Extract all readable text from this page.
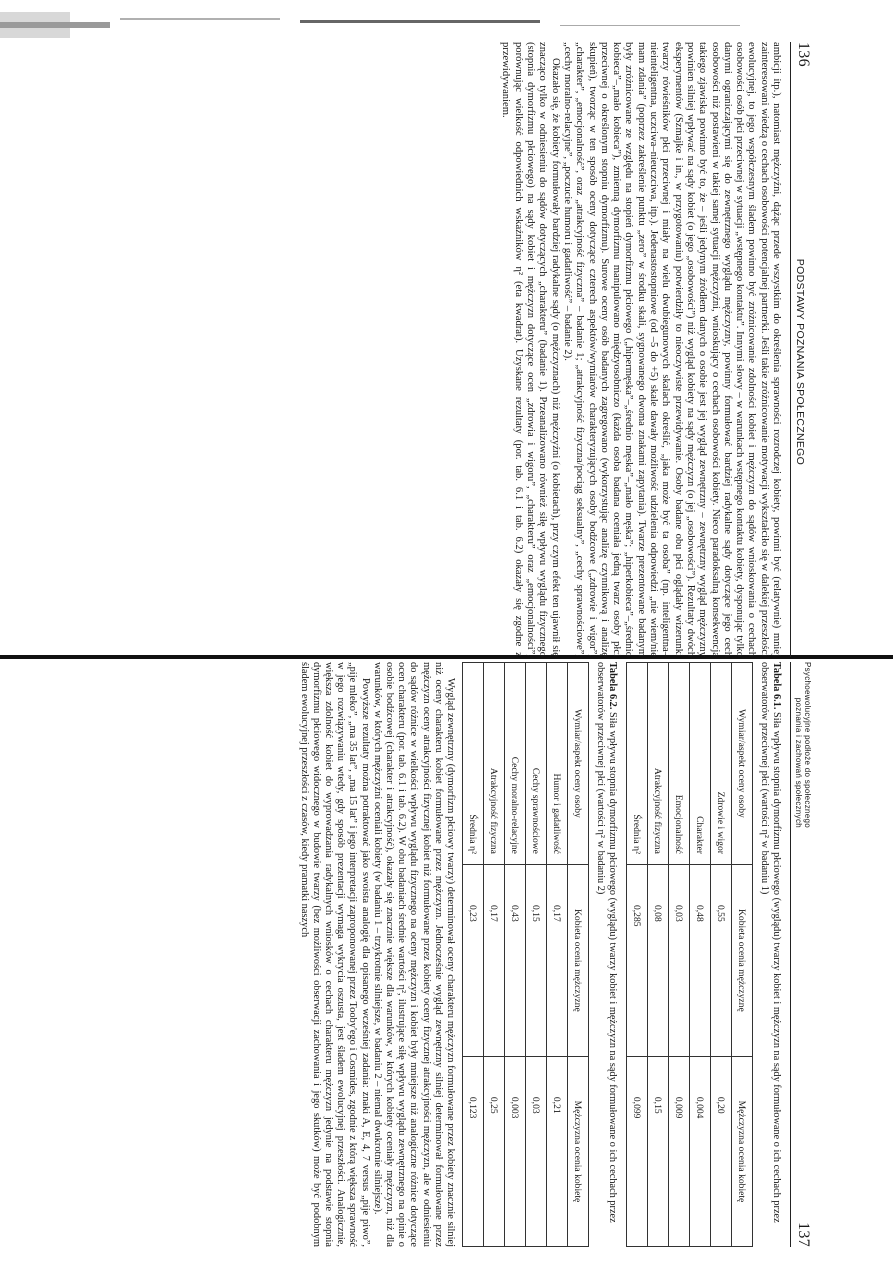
136
PODSTAWY POZNANIA SPOŁECZNEGO

ambicji itp.), natomiast mężczyźni, dążąc przede wszystkim do określenia sprawności rozrodczej kobiety, powinni być (relatywnie) mniej zainteresowani wiedzą o cechach osobowości potencjalnej partnerki. Jeśli takie zróżnicowanie motywacji wykształciło się w dalekiej przeszłości ewolucyjnej, to jego współczesnym śladem powinno być zróżnicowanie zdolności kobiet i mężczyzn do sądów wnioskowania o cechach osobowości osób płci przeciwnej w sytuacji „wstępnego kontaktu”. Innymi słowy – w warunkach wstępnego kontaktu kobiety, dysponując tylko danymi ograniczającymi się do zewnętrznego wyglądu mężczyzny, powinny formułować bardziej radykalne sądy dotyczące jego cech osobowości niż postawieni w takiej samej sytuacji mężczyźni, wnioskujący o cechach osobowości kobiety. Nieco paradoksalną konsekwencją takiego zjawiska powinno być to, że – jeśli jedynym źródłem danych o osobie jest jej wygląd zewnętrzny – zewnętrzny wygląd mężczyzny powinien silniej wpływać na sądy kobiet (o jego „osobowości”) niż wygląd kobiety na sądy mężczyzn (o jej „osobowości”). Rezultaty dwóch eksperymentów (Szmajke i in., w przygotowaniu) potwierdziły to nieoczywiste przewidywanie. Osoby badane obu płci oglądały wizerunki twarzy rówieśników płci przeciwnej i miały na wielu dwubiegunowych skalach określić, „jaka może być ta osoba” (np. inteligentna–nieinteligentna, uczciwa–nieuczciwa, itp.). Jedenastostopniowe (od –5 do +5) skale dawały możliwość udzielenia odpowiedzi „nie wiem/nie mam zdania” (poprzez zakreślenie punktu „zero” w środku skali, sygnowanego dwoma znakami zapytania). Twarze prezentowane badanym były zróżnicowane ze względu na stopień dymorfizmu płciowego („hipermęska”–„średnio męska”–„mało męska”; „hiperkobieca”–„średnio kobieca”–„mało kobieca”), zmienną dymorfizmu manipulowano międzyosobniczo (każda osoba badana oceniała jedną twarz osoby płci przeciwnej o określonym stopniu dymorfizmu). Surowe oceny osób badanych zagregowano (wykorzystując analizę czynnikową i analizę skupień), tworząc w ten sposób oceny dotyczące czterech aspektów/wymiarów charakteryzujących osoby bodźcowe („zdrowie i wigor”, „charakter”, „emocjonalność”, oraz „atrakcyjność fizyczna” – badanie 1; „atrakcyjność fizyczna/pociąg seksualny”, „cechy sprawnościowe”, „cechy moralno-relacyjne”, „poczucie humoru i gadatliwość” – badanie 2).

Okazało się, że kobiety formułowały bardziej radykalne sądy (o mężczyznach) niż mężczyźni (o kobietach), przy czym efekt ten ujawnił się znacząco tylko w odniesieniu do sądów dotyczących „charakteru” (badanie 1). Przeanalizowano również siłę wpływu wyglądu fizycznego (stopnia dymorfizmu płciowego) na sądy kobiet i mężczyzn dotyczące ocen „zdrowia i wigoru”, „charakteru” oraz „emocjonalności”, porównując wielkość odpowiednich wskaźników η² (eta kwadrat). Uzyskane rezultaty (por. tab. 6.1 i tab. 6.2) okazały się zgodne z przewidywaniem.

Psychoewolucyjne podłoże do społecznego
poznania i zachowań społecznych
137
Tabela 6.1. Siła wpływu stopnia dymorfizmu płciowego (wyglądu) twarzy kobiet i mężczyzn na sądy formułowane o ich cechach przez obserwatorów przeciwnej płci (wartości η² w badaniu 1)
Wymiar/aspekt oceny osoby	Kobieta ocenia mężczyznę	Mężczyzna ocenia kobietę
Zdrowie i wigor	0,55	0,20
Charakter	0,48	0,004
Emocjonalność	0,03	0,009
Atrakcyjność fizyczna	0,08	0,15
Średnia η²	0,285	0,099
Tabela 6.2. Siła wpływu stopnia dymorfizmu płciowego (wyglądu) twarzy kobiet i mężczyzn na sądy formułowane o ich cechach przez obserwatorów przeciwnej płci (wartości η² w badaniu 2)
Wymiar/aspekt oceny osoby	Kobieta ocenia mężczyznę	Mężczyzna ocenia kobietę
Humor i gadatliwość	0,17	0,21
Cechy sprawnościowe	0,15	0,03
Cechy moralno-relacyjne	0,43	0,003
Atrakcyjność fizyczna	0,17	0,25
Średnia η²	0,23	0,123

Wygląd zewnętrzny (dymorfizm płciowy twarzy) determinował oceny charakteru mężczyzn formułowane przez kobiety znacznie silniej niż oceny charakteru kobiet formułowane przez mężczyzn. Jednocześnie wygląd zewnętrzny silniej determinował formułowane przez mężczyzn oceny atrakcyjności fizycznej kobiet niż formułowane przez kobiety oceny fizycznej atrakcyjności mężczyzn, ale w odniesieniu do sądów różnice w wielkości wpływu wyglądu fizycznego na oceny mężczyzn i kobiet były mniejsze niż analogiczne różnice dotyczące ocen charakteru (por. tab. 6.1 i tab. 6.2). W obu badaniach średnie wartości η², ilustrujące siłę wpływu wyglądu zewnętrznego na opinie o osobie bodźcowej (charakter i atrakcyjność), okazały się znacznie większe dla warunków, w których kobiety oceniały mężczyzn, niż dla warunków, w których mężczyźni oceniali kobiety (w badaniu 1 – trzykrotnie silniejsze, w badaniu 2 – niemal dwukrotnie silniejsze).

Powyższe rezultaty można potraktować jako swoista analogię dla opisanego wcześniej zadania: znaki A, E, 4, 7 versus „pije piwo”, „pije mleko”, „ma 35 lat”, „ma 15 lat” i jego interpretacji zaproponowanej przez Tooby'ego i Cosmides, zgodnie z którą większa sprawność w jego rozwiązywaniu wtedy, gdy sposób prezentacji wymaga wykrycia oszusta, jest śladem ewolucyjnej przeszłości. Analogicznie, większa zdolność kobiet do wyprowadzania radykalnych wniosków o cechach charakteru mężczyzn jedynie na podstawie stopnia dymorfizmu płciowego widocznego w budowie twarzy (bez możliwości obserwacji zachowania i jego skutków) może być podobnym śladem ewolucyjnej przeszłości z czasów, kiedy pramatki naszych
